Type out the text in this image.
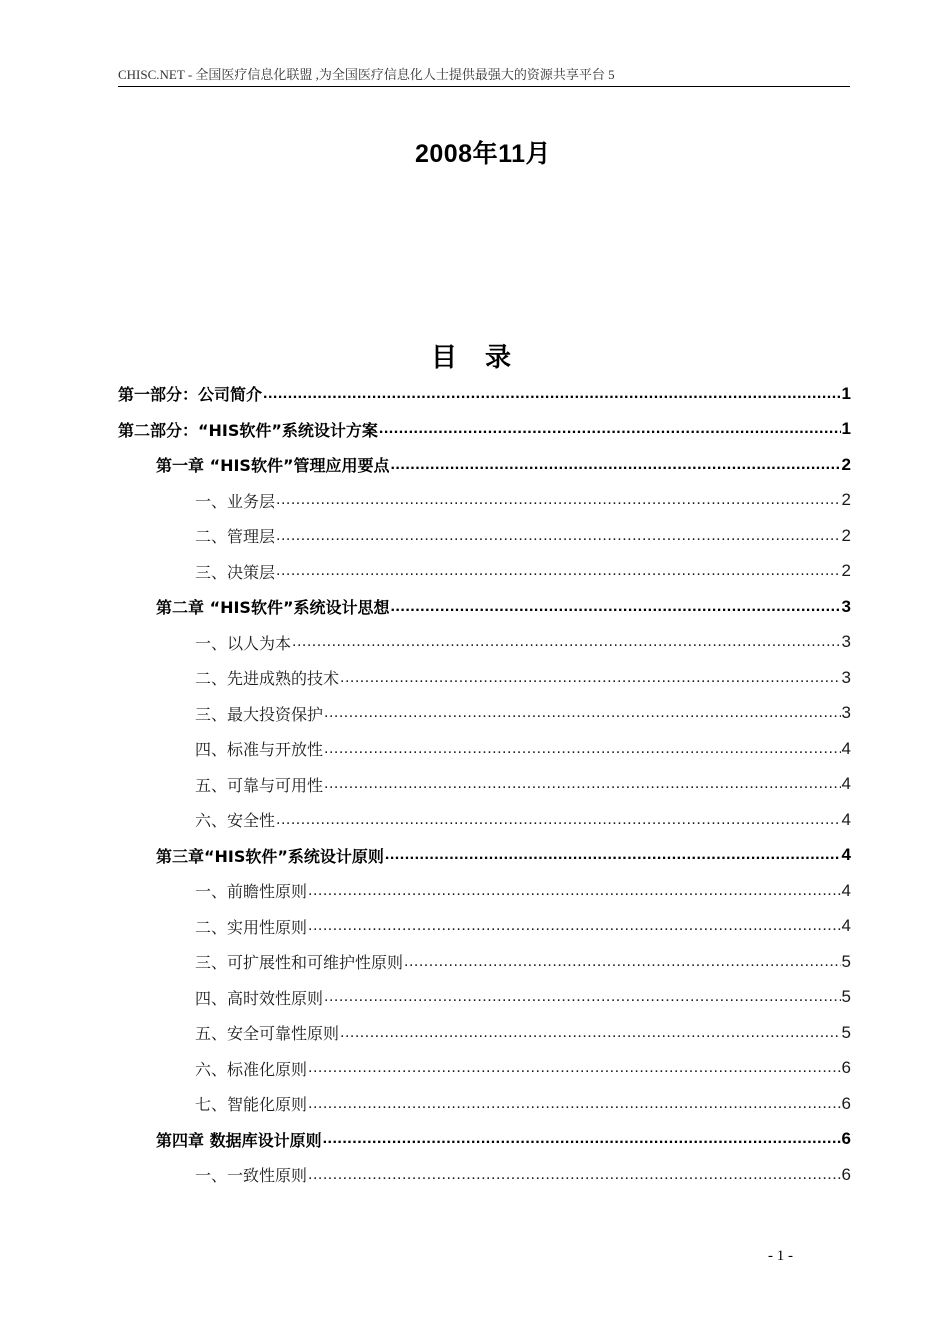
CHISC.NET - 全国医疗信息化联盟 ,为全国医疗信息化人士提供最强大的资源共享平台 5
2008年11月
目录
第一部分：公司简介 .....	1
第二部分：“HIS软件”系统设计方案 .....	1
第一章 “HIS软件”管理应用要点 .....	2
一、业务层 .....	2
二、管理层 .....	2
三、决策层 .....	2
第二章 “HIS软件”系统设计思想 .....	3
一、以人为本 .....	3
二、先进成熟的技术 .....	3
三、最大投资保护 .....	3
四、标准与开放性 .....	4
五、可靠与可用性 .....	4
六、安全性 .....	4
第三章“HIS软件”系统设计原则 .....	4
一、前瞻性原则 .....	4
二、实用性原则 .....	4
三、可扩展性和可维护性原则 .....	5
四、高时效性原则 .....	5
五、安全可靠性原则 .....	5
六、标准化原则 .....	6
七、智能化原则 .....	6
第四章 数据库设计原则 .....	6
一、一致性原则 .....	6
- 1 -
